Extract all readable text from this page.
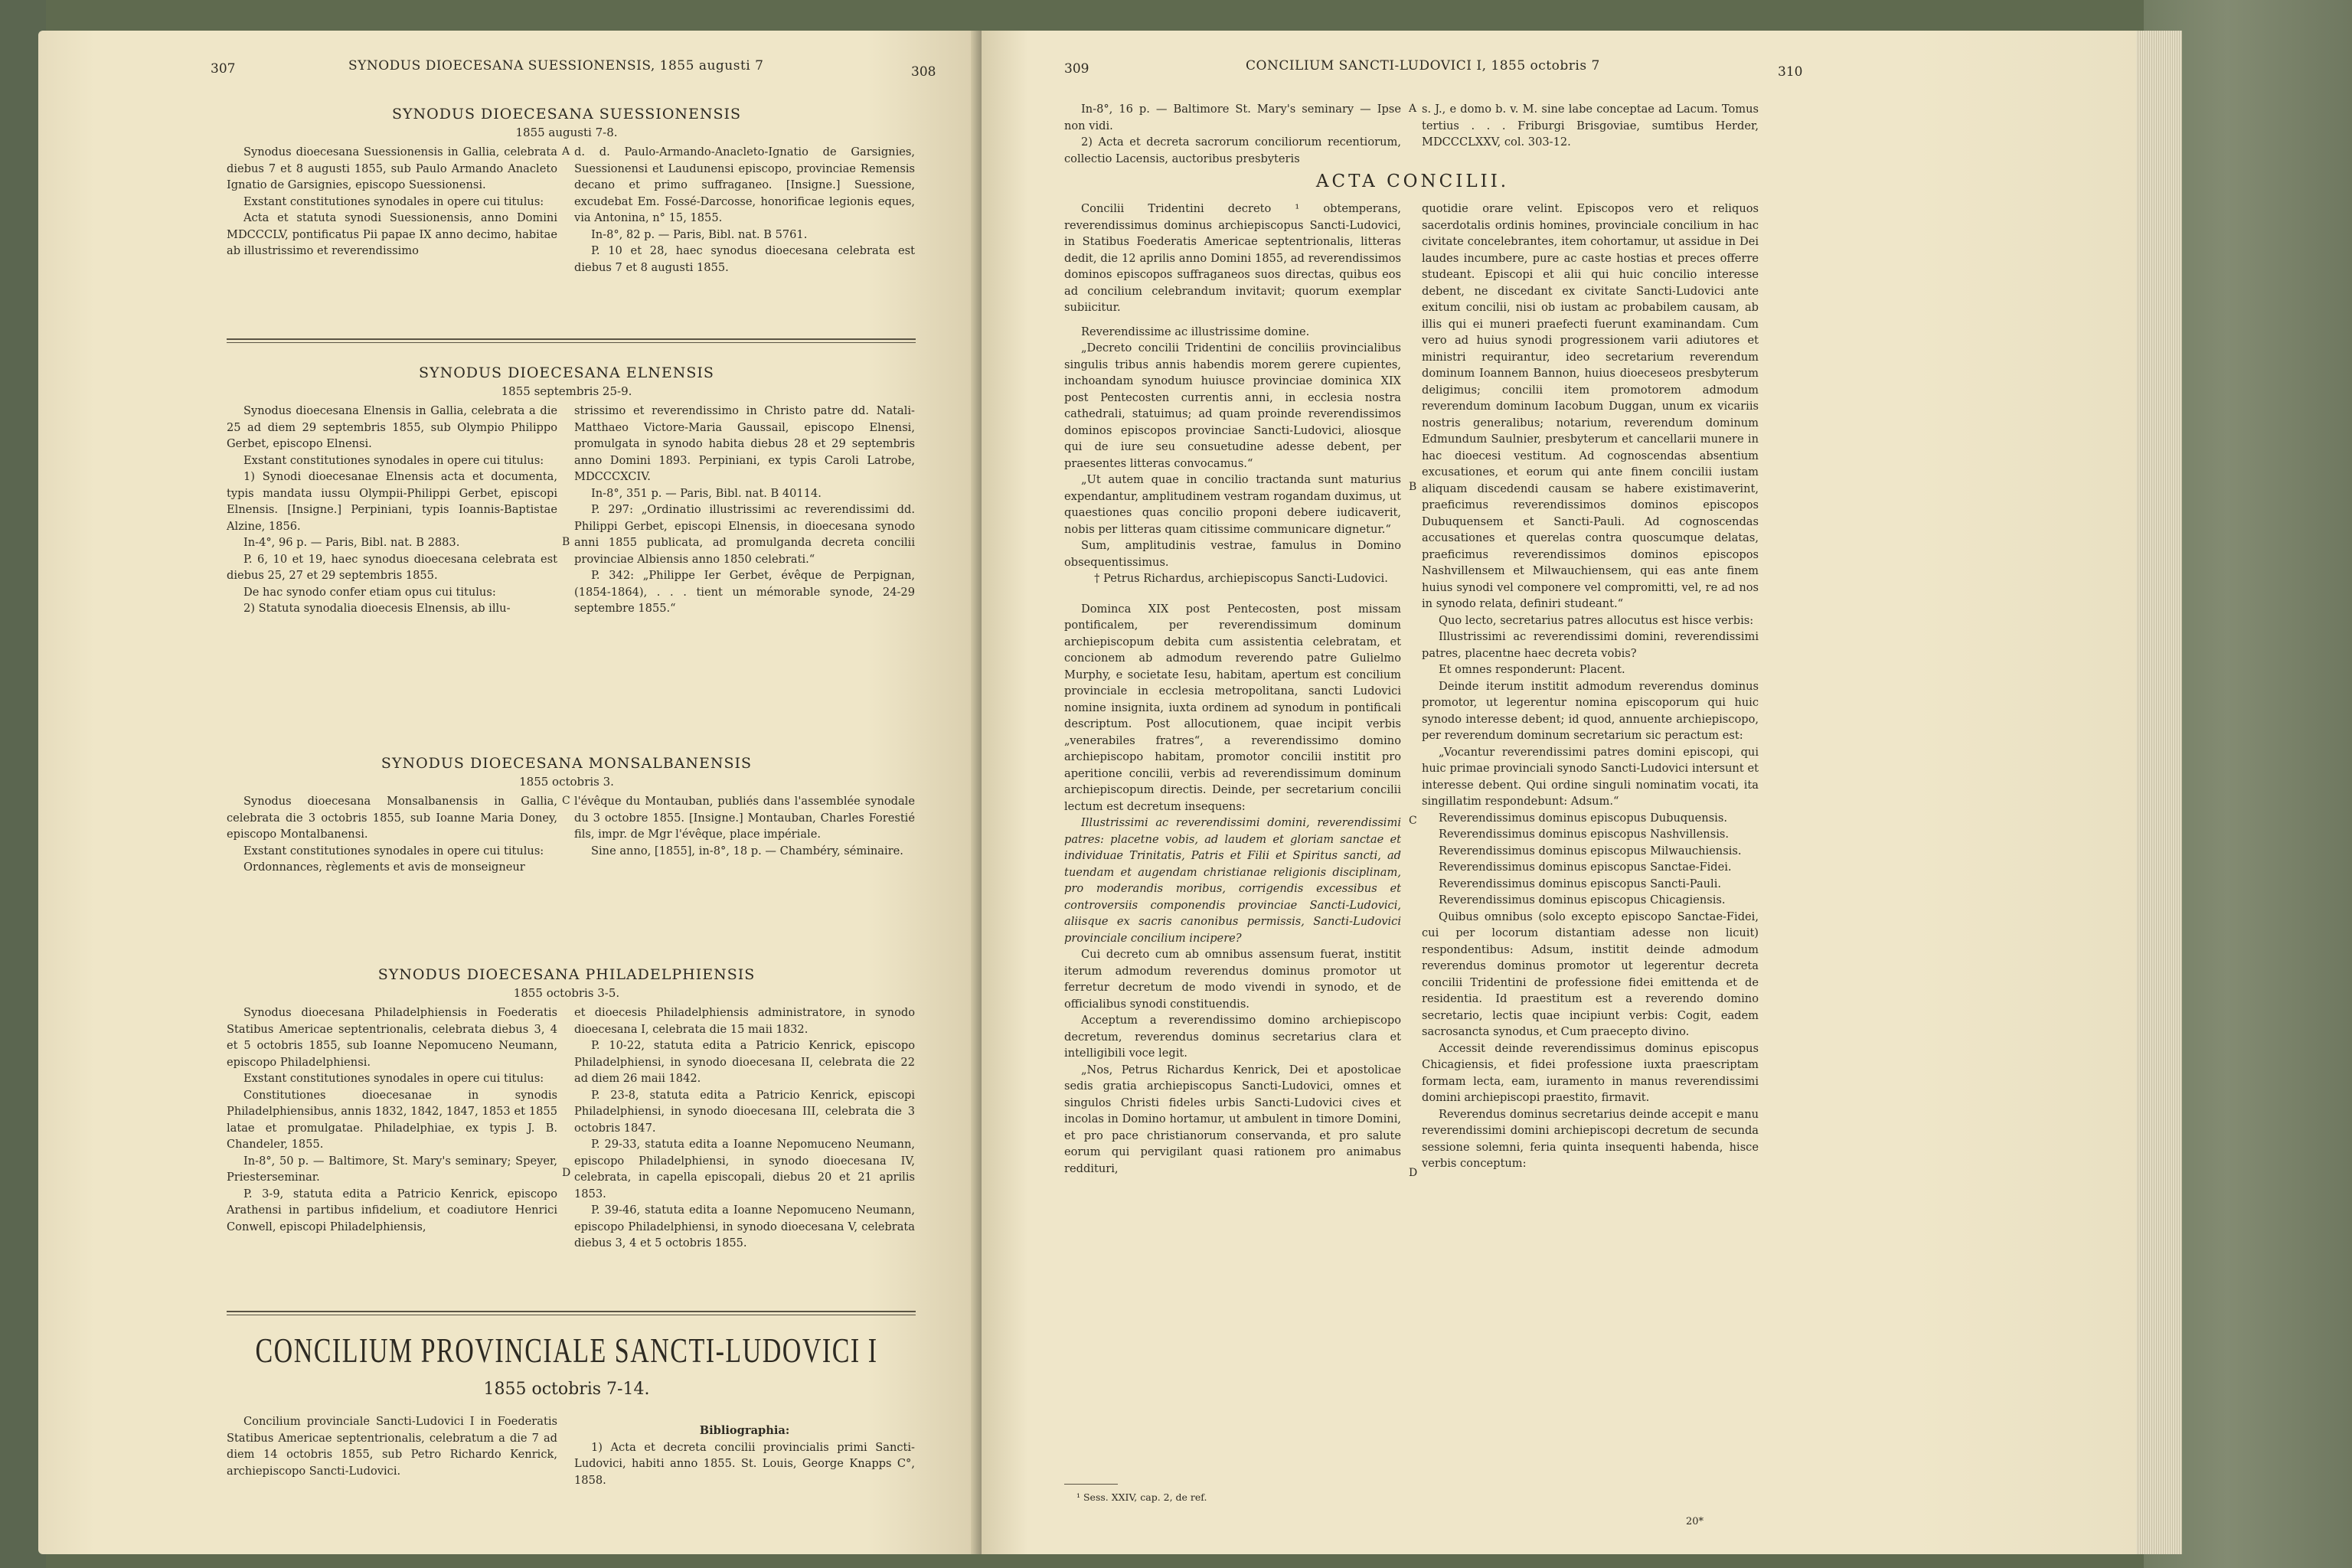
307	SYNODUS DIOECESANA SUESSIONENSIS, 1855 augusti 7	308
SYNODUS DIOECESANA SUESSIONENSIS
1855 augusti 7-8.

Synodus dioecesana Suessionensis in Gallia, celebrata diebus 7 et 8 augusti 1855, sub Paulo Armando Anacleto Ignatio de Garsignies, episcopo Suessionensi.

Exstant constitutiones synodales in opere cui titulus:

Acta et statuta synodi Suessionensis, anno Domini MDCCCLV, pontificatus Pii papae IX anno decimo, habitae ab illustrissimo et reverendissimo

d. d. Paulo-Armando-Anacleto-Ignatio de Garsignies, Suessionensi et Laudunensi episcopo, provinciae Remensis decano et primo suffraganeo. [Insigne.] Suessione, excudebat Em. Fossé-Darcosse, honorificae legionis eques, via Antonina, n° 15, 1855.

In-8°, 82 p. — Paris, Bibl. nat. B 5761.

P. 10 et 28, haec synodus dioecesana celebrata est diebus 7 et 8 augusti 1855.

A
SYNODUS DIOECESANA ELNENSIS
1855 septembris 25-9.

Synodus dioecesana Elnensis in Gallia, celebrata a die 25 ad diem 29 septembris 1855, sub Olympio Philippo Gerbet, episcopo Elnensi.

Exstant constitutiones synodales in opere cui titulus:

1) Synodi dioecesanae Elnensis acta et documenta, typis mandata iussu Olympii-Philippi Gerbet, episcopi Elnensis. [Insigne.] Perpiniani, typis Ioannis-Baptistae Alzine, 1856.

In-4°, 96 p. — Paris, Bibl. nat. B 2883.

P. 6, 10 et 19, haec synodus dioecesana celebrata est diebus 25, 27 et 29 septembris 1855.

De hac synodo confer etiam opus cui titulus:

2) Statuta synodalia dioecesis Elnensis, ab illu-

strissimo et reverendissimo in Christo patre dd. Natali-Matthaeo Victore-Maria Gaussail, episcopo Elnensi, promulgata in synodo habita diebus 28 et 29 septembris anno Domini 1893. Perpiniani, ex typis Caroli Latrobe, MDCCCXCIV.

In-8°, 351 p. — Paris, Bibl. nat. B 40114.

P. 297: „Ordinatio illustrissimi ac reverendissimi dd. Philippi Gerbet, episcopi Elnensis, in dioecesana synodo anni 1855 publicata, ad promulganda decreta concilii provinciae Albiensis anno 1850 celebrati.“

P. 342: „Philippe Ier Gerbet, évêque de Perpignan, (1854-1864), . . . tient un mémorable synode, 24-29 septembre 1855.“

B
SYNODUS DIOECESANA MONSALBANENSIS
1855 octobris 3.

Synodus dioecesana Monsalbanensis in Gallia, celebrata die 3 octobris 1855, sub Ioanne Maria Doney, episcopo Montalbanensi.

Exstant constitutiones synodales in opere cui titulus:

Ordonnances, règlements et avis de monseigneur

l'évêque du Montauban, publiés dans l'assemblée synodale du 3 octobre 1855. [Insigne.] Montauban, Charles Forestié fils, impr. de Mgr l'évêque, place impériale.

Sine anno, [1855], in-8°, 18 p. — Chambéry, séminaire.

C
SYNODUS DIOECESANA PHILADELPHIENSIS
1855 octobris 3-5.

Synodus dioecesana Philadelphiensis in Foederatis Statibus Americae septentrionalis, celebrata diebus 3, 4 et 5 octobris 1855, sub Ioanne Nepomuceno Neumann, episcopo Philadelphiensi.

Exstant constitutiones synodales in opere cui titulus:

Constitutiones dioecesanae in synodis Philadelphiensibus, annis 1832, 1842, 1847, 1853 et 1855 latae et promulgatae. Philadelphiae, ex typis J. B. Chandeler, 1855.

In-8°, 50 p. — Baltimore, St. Mary's seminary; Speyer, Priesterseminar.

P. 3-9, statuta edita a Patricio Kenrick, episcopo Arathensi in partibus infidelium, et coadiutore Henrici Conwell, episcopi Philadelphiensis,

et dioecesis Philadelphiensis administratore, in synodo dioecesana I, celebrata die 15 maii 1832.

P. 10-22, statuta edita a Patricio Kenrick, episcopo Philadelphiensi, in synodo dioecesana II, celebrata die 22 ad diem 26 maii 1842.

P. 23-8, statuta edita a Patricio Kenrick, episcopi Philadelphiensi, in synodo dioecesana III, celebrata die 3 octobris 1847.

P. 29-33, statuta edita a Ioanne Nepomuceno Neumann, episcopo Philadelphiensi, in synodo dioecesana IV, celebrata, in capella episcopali, diebus 20 et 21 aprilis 1853.

P. 39-46, statuta edita a Ioanne Nepomuceno Neumann, episcopo Philadelphiensi, in synodo dioecesana V, celebrata diebus 3, 4 et 5 octobris 1855.

D
CONCILIUM PROVINCIALE SANCTI-LUDOVICI I
1855 octobris 7-14.

Concilium provinciale Sancti-Ludovici I in Foederatis Statibus Americae septentrionalis, celebratum a die 7 ad diem 14 octobris 1855, sub Petro Richardo Kenrick, archiepiscopo Sancti-Ludovici.

Bibliographia:

1) Acta et decreta concilii provincialis primi Sancti-Ludovici, habiti anno 1855. St. Louis, George Knapps C°, 1858.

309	CONCILIUM SANCTI-LUDOVICI I, 1855 octobris 7	310

In-8°, 16 p. — Baltimore St. Mary's seminary — Ipse non vidi.

2) Acta et decreta sacrorum conciliorum recentiorum, collectio Lacensis, auctoribus presbyteris

s. J., e domo b. v. M. sine labe conceptae ad Lacum. Tomus tertius . . . Friburgi Brisgoviae, sumtibus Herder, MDCCCLXXV, col. 303-12.

A
ACTA CONCILII.

Concilii Tridentini decreto ¹ obtemperans, reverendissimus dominus archiepiscopus Sancti-Ludovici, in Statibus Foederatis Americae septentrionalis, litteras dedit, die 12 aprilis anno Domini 1855, ad reverendissimos dominos episcopos suffraganeos suos directas, quibus eos ad concilium celebrandum invitavit; quorum exemplar subiicitur.

Reverendissime ac illustrissime domine.

„Decreto concilii Tridentini de conciliis provincialibus singulis tribus annis habendis morem gerere cupientes, inchoandam synodum huiusce provinciae dominica XIX post Pentecosten currentis anni, in ecclesia nostra cathedrali, statuimus; ad quam proinde reverendissimos dominos episcopos provinciae Sancti-Ludovici, aliosque qui de iure seu consuetudine adesse debent, per praesentes litteras convocamus.“

„Ut autem quae in concilio tractanda sunt maturius expendantur, amplitudinem vestram rogandam duximus, ut quaestiones quas concilio proponi debere iudicaverit, nobis per litteras quam citissime communicare dignetur.“

Sum, amplitudinis vestrae, famulus in Domino obsequentissimus.

† Petrus Richardus, archiepiscopus Sancti-Ludovici.

Dominca XIX post Pentecosten, post missam pontificalem, per reverendissimum dominum archiepiscopum debita cum assistentia celebratam, et concionem ab admodum reverendo patre Gulielmo Murphy, e societate Iesu, habitam, apertum est concilium provinciale in ecclesia metropolitana, sancti Ludovici nomine insignita, iuxta ordinem ad synodum in pontificali descriptum. Post allocutionem, quae incipit verbis „venerabiles fratres“, a reverendissimo domino archiepiscopo habitam, promotor concilii institit pro aperitione concilii, verbis ad reverendissimum dominum archiepiscopum directis. Deinde, per secretarium concilii lectum est decretum insequens:

Illustrissimi ac reverendissimi domini, reverendissimi patres: placetne vobis, ad laudem et gloriam sanctae et individuae Trinitatis, Patris et Filii et Spiritus sancti, ad tuendam et augendam christianae religionis disciplinam, pro moderandis moribus, corrigendis excessibus et controversiis componendis provinciae Sancti-Ludovici, aliisque ex sacris canonibus permissis, Sancti-Ludovici provinciale concilium incipere?

Cui decreto cum ab omnibus assensum fuerat, institit iterum admodum reverendus dominus promotor ut ferretur decretum de modo vivendi in synodo, et de officialibus synodi constituendis.

Acceptum a reverendissimo domino archiepiscopo decretum, reverendus dominus secretarius clara et intelligibili voce legit.

„Nos, Petrus Richardus Kenrick, Dei et apostolicae sedis gratia archiepiscopus Sancti-Ludovici, omnes et singulos Christi fideles urbis Sancti-Ludovici cives et incolas in Domino hortamur, ut ambulent in timore Domini, et pro pace christianorum conservanda, et pro salute eorum qui pervigilant quasi rationem pro animabus reddituri,

quotidie orare velint. Episcopos vero et reliquos sacerdotalis ordinis homines, provinciale concilium in hac civitate concelebrantes, item cohortamur, ut assidue in Dei laudes incumbere, pure ac caste hostias et preces offerre studeant. Episcopi et alii qui huic concilio interesse debent, ne discedant ex civitate Sancti-Ludovici ante exitum concilii, nisi ob iustam ac probabilem causam, ab illis qui ei muneri praefecti fuerunt examinandam. Cum vero ad huius synodi progressionem varii adiutores et ministri requirantur, ideo secretarium reverendum dominum Ioannem Bannon, huius dioeceseos presbyterum deligimus; concilii item promotorem admodum reverendum dominum Iacobum Duggan, unum ex vicariis nostris generalibus; notarium, reverendum dominum Edmundum Saulnier, presbyterum et cancellarii munere in hac dioecesi vestitum. Ad cognoscendas absentium excusationes, et eorum qui ante finem concilii iustam aliquam discedendi causam se habere existimaverint, praeficimus reverendissimos dominos episcopos Dubuquensem et Sancti-Pauli. Ad cognoscendas accusationes et querelas contra quoscumque delatas, praeficimus reverendissimos dominos episcopos Nashvillensem et Milwauchiensem, qui eas ante finem huius synodi vel componere vel compromitti, vel, re ad nos in synodo relata, definiri studeant.“

Quo lecto, secretarius patres allocutus est hisce verbis:

Illustrissimi ac reverendissimi domini, reverendissimi patres, placentne haec decreta vobis?

Et omnes responderunt: Placent.

Deinde iterum institit admodum reverendus dominus promotor, ut legerentur nomina episcoporum qui huic synodo interesse debent; id quod, annuente archiepiscopo, per reverendum dominum secretarium sic peractum est:

„Vocantur reverendissimi patres domini episcopi, qui huic primae provinciali synodo Sancti-Ludovici intersunt et interesse debent. Qui ordine singuli nominatim vocati, ita singillatim respondebunt: Adsum.“

Reverendissimus dominus episcopus Dubuquensis.

Reverendissimus dominus episcopus Nashvillensis.

Reverendissimus dominus episcopus Milwauchiensis.

Reverendissimus dominus episcopus Sanctae-Fidei.

Reverendissimus dominus episcopus Sancti-Pauli.

Reverendissimus dominus episcopus Chicagiensis.

Quibus omnibus (solo excepto episcopo Sanctae-Fidei, cui per locorum distantiam adesse non licuit) respondentibus: Adsum, institit deinde admodum reverendus dominus promotor ut legerentur decreta concilii Tridentini de professione fidei emittenda et de residentia. Id praestitum est a reverendo domino secretario, lectis quae incipiunt verbis: Cogit, eadem sacrosancta synodus, et Cum praecepto divino.

Accessit deinde reverendissimus dominus episcopus Chicagiensis, et fidei professione iuxta praescriptam formam lecta, eam, iuramento in manus reverendissimi domini archiepiscopi praestito, firmavit.

Reverendus dominus secretarius deinde accepit e manu reverendissimi domini archiepiscopi decretum de secunda sessione solemni, feria quinta insequenti habenda, hisce verbis conceptum:

B
C
D
¹ Sess. XXIV, cap. 2, de ref.
20*
